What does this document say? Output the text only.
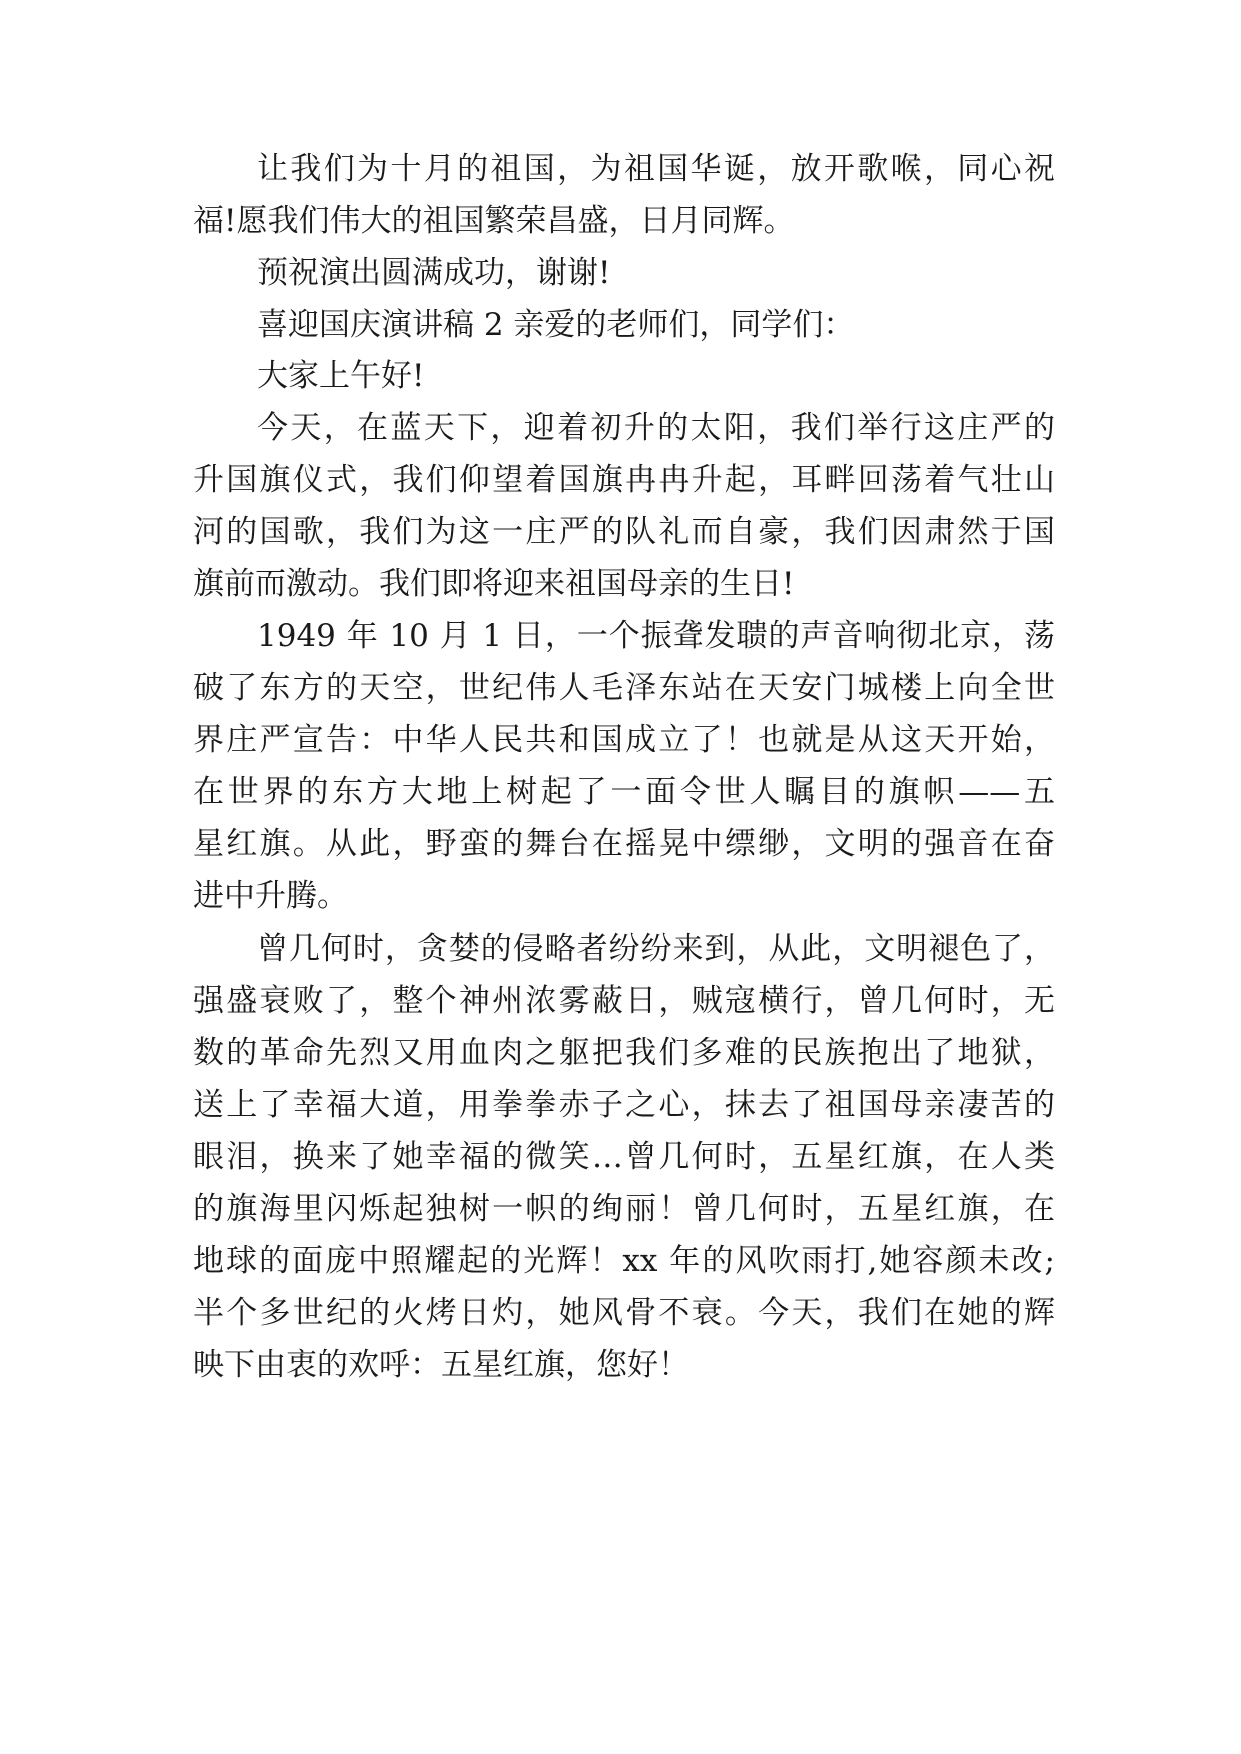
让我们为十月的祖国，为祖国华诞，放开歌喉，同心祝
福!愿我们伟大的祖国繁荣昌盛，日月同辉。
预祝演出圆满成功，谢谢!
喜迎国庆演讲稿 2 亲爱的老师们，同学们：
大家上午好!
今天，在蓝天下，迎着初升的太阳，我们举行这庄严的
升国旗仪式，我们仰望着国旗冉冉升起，耳畔回荡着气壮山
河的国歌，我们为这一庄严的队礼而自豪，我们因肃然于国
旗前而激动。我们即将迎来祖国母亲的生日!
1949 年 10 月 1 日，一个振聋发聩的声音响彻北京，荡
破了东方的天空，世纪伟人毛泽东站在天安门城楼上向全世
界庄严宣告：中华人民共和国成立了！也就是从这天开始，
在世界的东方大地上树起了一面令世人瞩目的旗帜——五
星红旗。从此，野蛮的舞台在摇晃中缥缈，文明的强音在奋
进中升腾。
曾几何时，贪婪的侵略者纷纷来到，从此，文明褪色了，
强盛衰败了，整个神州浓雾蔽日，贼寇横行，曾几何时，无
数的革命先烈又用血肉之躯把我们多难的民族抱出了地狱，
送上了幸福大道，用拳拳赤子之心，抹去了祖国母亲凄苦的
眼泪，换来了她幸福的微笑…曾几何时，五星红旗，在人类
的旗海里闪烁起独树一帜的绚丽！曾几何时，五星红旗，在
地球的面庞中照耀起的光辉！xx 年的风吹雨打,她容颜未改;
半个多世纪的火烤日灼，她风骨不衰。今天，我们在她的辉
映下由衷的欢呼：五星红旗，您好！
